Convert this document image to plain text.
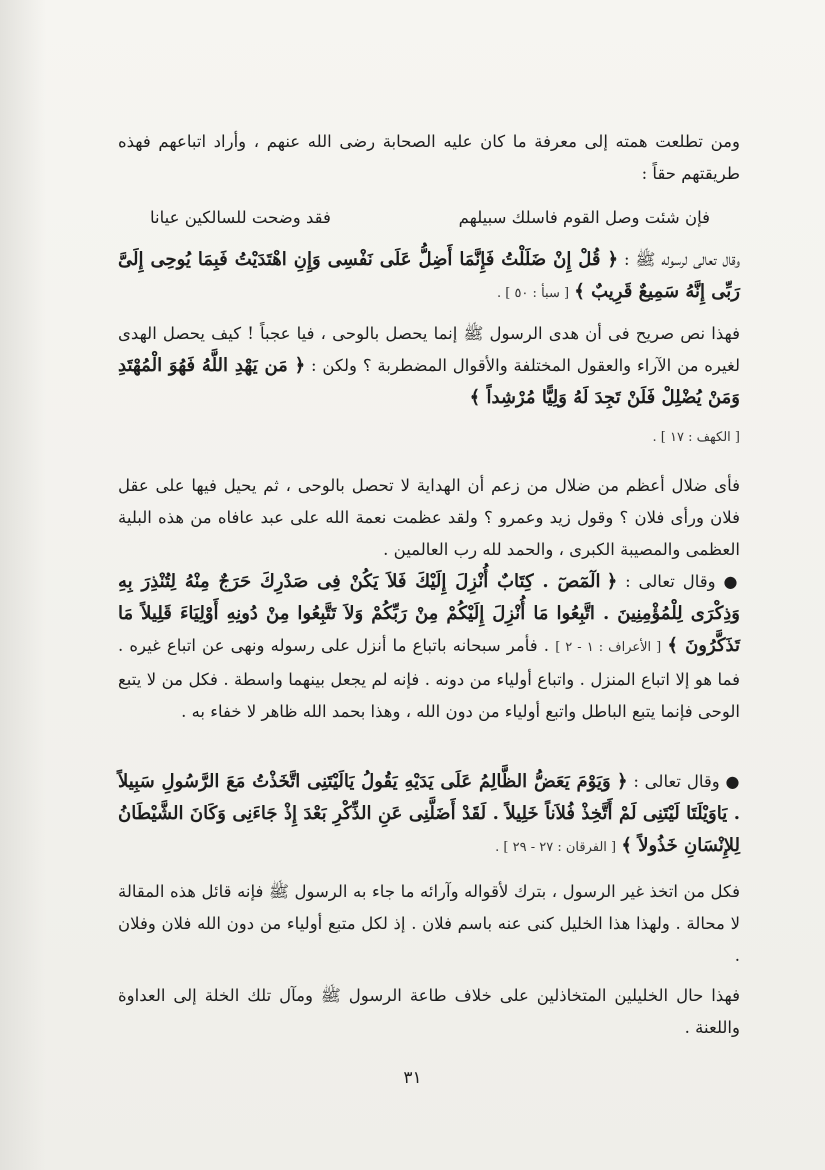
ومن تطلعت همته إلى معرفة ما كان عليه الصحابة رضى الله عنهم ، وأراد اتباعهم فهذه طريقتهم حقاً :

فإن شئت وصل القوم فاسلك سبيلهم
فقد وضحت للسالكين عيانا

وقال تعالى لرسوله ﷺ : ﴿ قُلْ إِنْ ضَلَلْتُ فَإِنَّمَا أَضِلُّ عَلَى نَفْسِى وَإِنِ اهْتَدَيْتُ فَبِمَا يُوحِى إِلَىَّ رَبِّى إِنَّهُ سَمِيعٌ قَرِيبٌ ﴾ [ سبأ : ٥٠ ] .

فهذا نص صريح فى أن هدى الرسول ﷺ إنما يحصل بالوحى ، فيا عجباً ! كيف يحصل الهدى لغيره من الآراء والعقول المختلفة والأقوال المضطربة ؟ ولكن : ﴿ مَن يَهْدِ اللَّهُ فَهُوَ الْمُهْتَدِ وَمَنْ يُضْلِلْ فَلَنْ تَجِدَ لَهُ وَلِيًّا مُرْشِداً ﴾

[ الكهف : ١٧ ] .

فأى ضلال أعظم من ضلال من زعم أن الهداية لا تحصل بالوحى ، ثم يحيل فيها على عقل فلان ورأى فلان ؟ وقول زيد وعمرو ؟ ولقد عظمت نعمة الله على عبد عافاه من هذه البلية العظمى والمصيبة الكبرى ، والحمد لله رب العالمين .

● وقال تعالى : ﴿ الٓمٓصٓ . كِتَابٌ أُنْزِلَ إِلَيْكَ فَلاَ يَكُنْ فِى صَدْرِكَ حَرَجٌ مِنْهُ لِتُنْذِرَ بِهِ وَذِكْرَى لِلْمُؤْمِنِينَ . اتَّبِعُوا مَا أُنْزِلَ إِلَيْكُمْ مِنْ رَبِّكُمْ وَلاَ تَتَّبِعُوا مِنْ دُونِهِ أَوْلِيَاءَ قَلِيلاً مَا تَذَكَّرُونَ ﴾ [ الأعراف : ١ - ٢ ] . فأمر سبحانه باتباع ما أنزل على رسوله ونهى عن اتباع غيره . فما هو إلا اتباع المنزل . واتباع أولياء من دونه . فإنه لم يجعل بينهما واسطة . فكل من لا يتبع الوحى فإنما يتبع الباطل واتبع أولياء من دون الله ، وهذا بحمد الله ظاهر لا خفاء به .

● وقال تعالى : ﴿ وَيَوْمَ يَعَضُّ الظَّالِمُ عَلَى يَدَيْهِ يَقُولُ يَالَيْتَنِى اتَّخَذْتُ مَعَ الرَّسُولِ سَبِيلاً . يَاوَيْلَتَا لَيْتَنِى لَمْ أَتَّخِذْ فُلاَناً خَلِيلاً . لَقَدْ أَضَلَّنِى عَنِ الذِّكْرِ بَعْدَ إِذْ جَاءَنِى وَكَانَ الشَّيْطَانُ لِلإِنْسَانِ خَذُولاً ﴾ [ الفرقان : ٢٧ - ٢٩ ] .

فكل من اتخذ غير الرسول ، بترك لأقواله وآرائه ما جاء به الرسول ﷺ فإنه قائل هذه المقالة لا محالة . ولهذا هذا الخليل كنى عنه باسم فلان . إذ لكل متبع أولياء من دون الله فلان وفلان .

فهذا حال الخليلين المتخاذلين على خلاف طاعة الرسول ﷺ ومآل تلك الخلة إلى العداوة واللعنة .

٣١
